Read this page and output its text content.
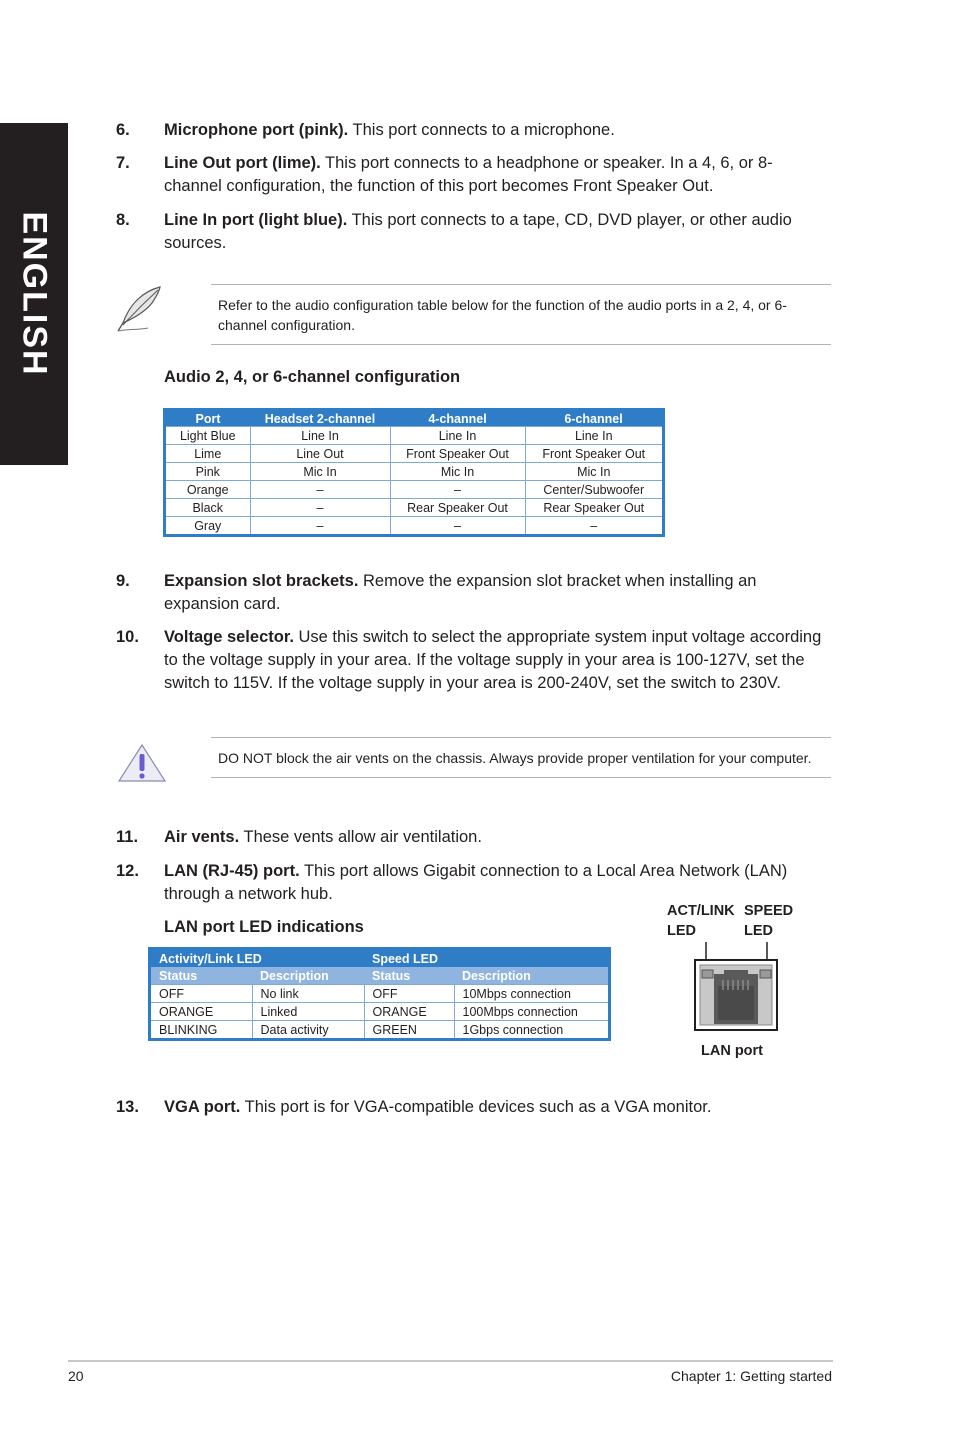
ENGLISH
6. Microphone port (pink). This port connects to a microphone.
7. Line Out port (lime). This port connects to a headphone or speaker. In a 4, 6, or 8-channel configuration, the function of this port becomes Front Speaker Out.
8. Line In port (light blue). This port connects to a tape, CD, DVD player, or other audio sources.
Refer to the audio configuration table below for the function of the audio ports in a 2, 4, or 6-channel configuration.
Audio 2, 4, or 6-channel configuration
Port	Headset 2-channel	4-channel	6-channel
Light Blue	Line In	Line In	Line In
Lime	Line Out	Front Speaker Out	Front Speaker Out
Pink	Mic In	Mic In	Mic In
Orange	–	–	Center/Subwoofer
Black	–	Rear Speaker Out	Rear Speaker Out
Gray	–	–	–
9. Expansion slot brackets. Remove the expansion slot bracket when installing an expansion card.
10. Voltage selector. Use this switch to select the appropriate system input voltage according to the voltage supply in your area. If the voltage supply in your area is 100-127V, set the switch to 115V. If the voltage supply in your area is 200-240V, set the switch to 230V.
DO NOT block the air vents on the chassis. Always provide proper ventilation for your computer.
11. Air vents. These vents allow air ventilation.
12. LAN (RJ-45) port. This port allows Gigabit connection to a Local Area Network (LAN) through a network hub.
LAN port LED indications
Activity/Link LED		Speed LED	
Status	Description	Status	Description
OFF	No link	OFF	10Mbps connection
ORANGE	Linked	ORANGE	100Mbps connection
BLINKING	Data activity	GREEN	1Gbps connection
ACT/LINK
LED
SPEED
LED
LAN port
13. VGA port. This port is for VGA-compatible devices such as a VGA monitor.
20	Chapter 1: Getting started
